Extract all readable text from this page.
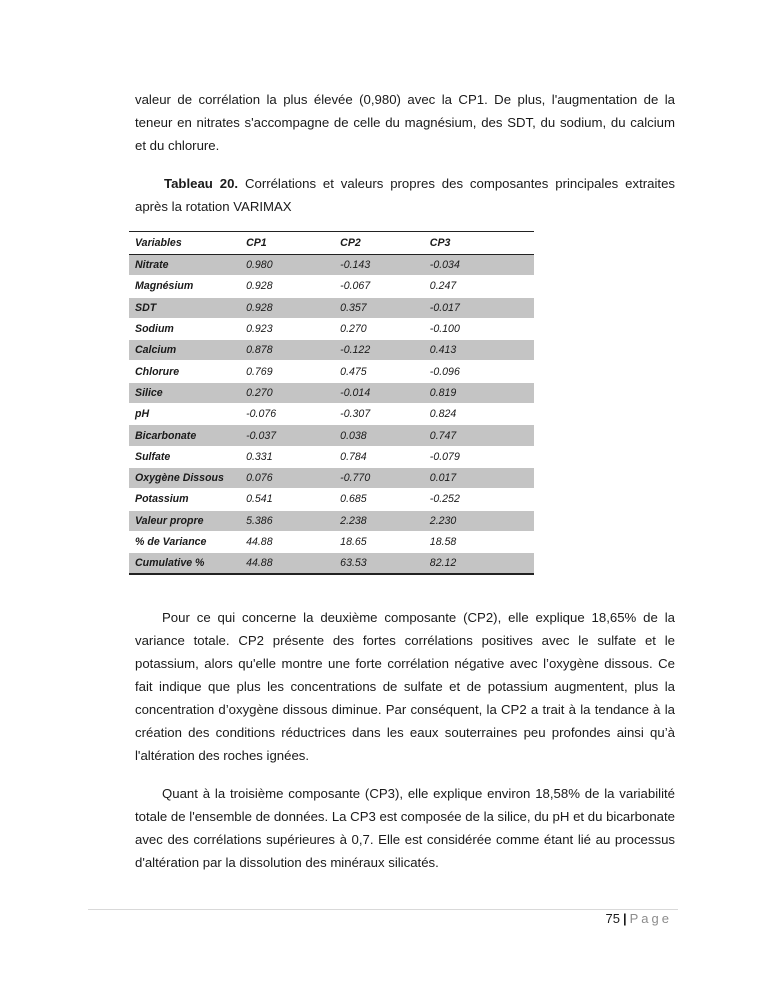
valeur de corrélation la plus élevée (0,980) avec la CP1. De plus, l'augmentation de la teneur en nitrates s'accompagne de celle du magnésium, des SDT, du sodium, du calcium et du chlorure.

Tableau 20. Corrélations et valeurs propres des composantes principales extraites après la rotation VARIMAX

Variables	CP1	CP2	CP3
Nitrate	0.980	-0.143	-0.034
Magnésium	0.928	-0.067	0.247
SDT	0.928	0.357	-0.017
Sodium	0.923	0.270	-0.100
Calcium	0.878	-0.122	0.413
Chlorure	0.769	0.475	-0.096
Silice	0.270	-0.014	0.819
pH	-0.076	-0.307	0.824
Bicarbonate	-0.037	0.038	0.747
Sulfate	0.331	0.784	-0.079
Oxygène Dissous	0.076	-0.770	0.017
Potassium	0.541	0.685	-0.252
Valeur propre	5.386	2.238	2.230
% de Variance	44.88	18.65	18.58
Cumulative %	44.88	63.53	82.12

Pour ce qui concerne la deuxième composante (CP2), elle explique 18,65% de la variance totale. CP2 présente des fortes corrélations positives avec le sulfate et le potassium, alors qu'elle montre une forte corrélation négative avec l’oxygène dissous. Ce fait indique que plus les concentrations de sulfate et de potassium augmentent, plus la concentration d’oxygène dissous diminue. Par conséquent, la CP2 a trait à la tendance à la création des conditions réductrices dans les eaux souterraines peu profondes ainsi qu’à l'altération des roches ignées.

Quant à la troisième composante (CP3), elle explique environ 18,58% de la variabilité totale de l'ensemble de données. La CP3 est composée de la silice, du pH et du bicarbonate avec des corrélations supérieures à 0,7. Elle est considérée comme étant lié au processus d'altération par la dissolution des minéraux silicatés.

75 | Page
